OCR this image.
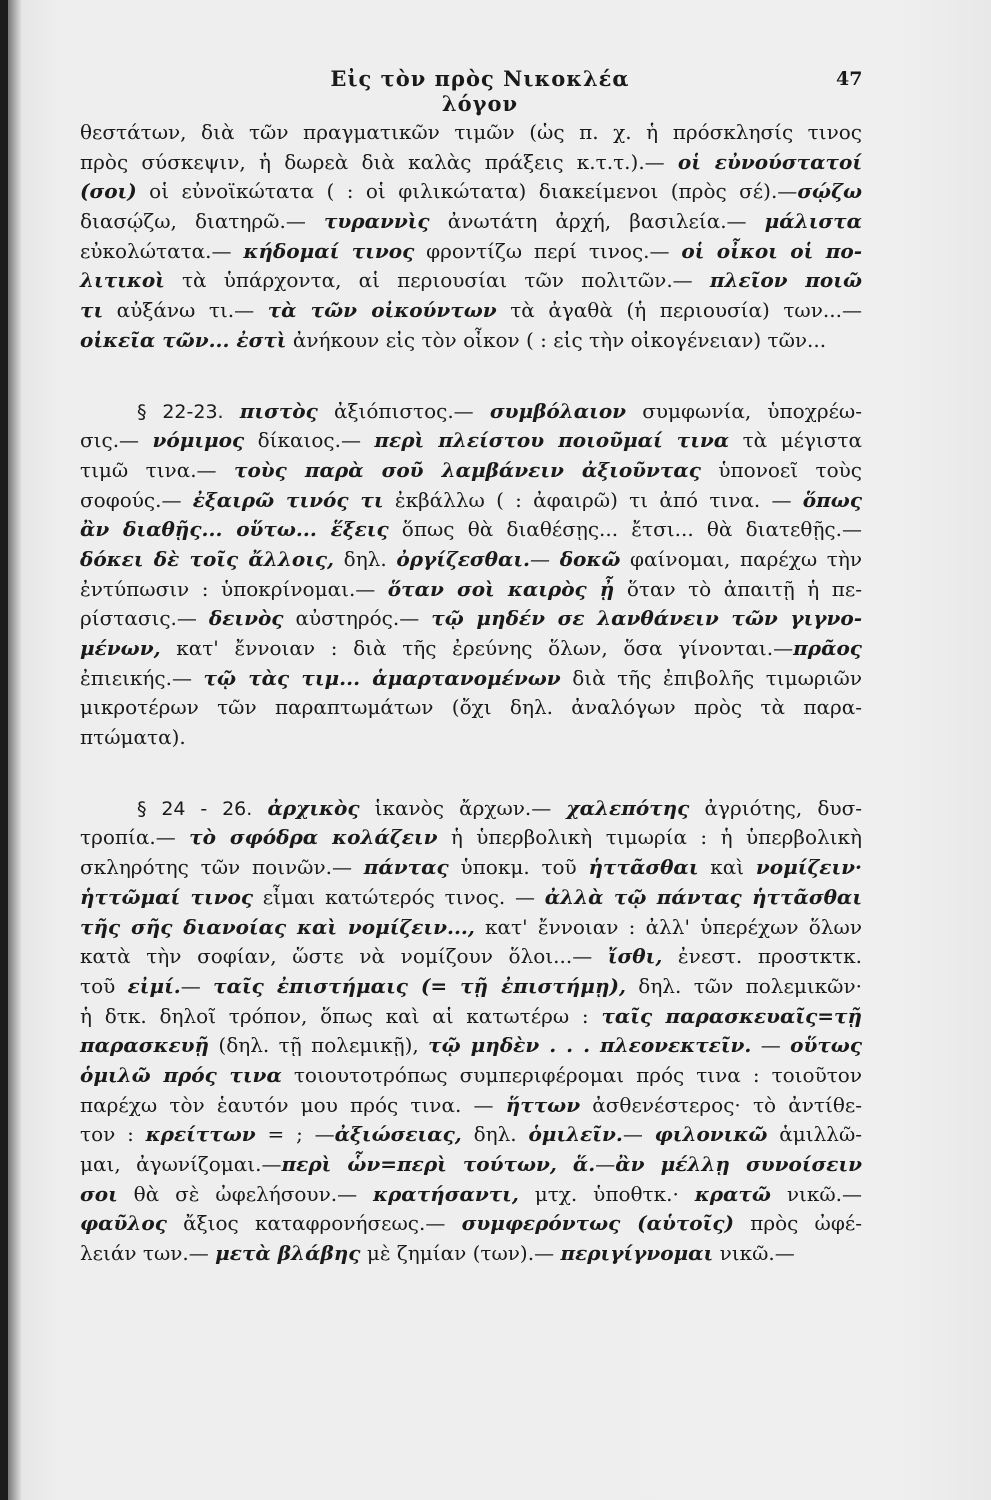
Εἰς τὸν πρὸς Νικοκλέα λόγον
47
θεστάτων, διὰ τῶν πραγματικῶν τιμῶν (ὡς π. χ. ἡ πρόσκλησίς τινος
πρὸς σύσκεψιν, ἡ δωρεὰ διὰ καλὰς πράξεις κ.τ.τ.).— οἱ εὐνούστατοί
(σοι) οἱ εὐνοϊκώτατα ( : οἱ φιλικώτατα) διακείμενοι (πρὸς σέ).—σῴζω
διασῴζω, διατηρῶ.— τυραννὶς ἀνωτάτη ἀρχή, βασιλεία.— μάλιστα
εὐκολώτατα.— κήδομαί τινος φροντίζω περί τινος.— οἱ οἶκοι οἱ πο-
λιτικοὶ τὰ ὑπάρχοντα, αἱ περιουσίαι τῶν πολιτῶν.— πλεῖον ποιῶ
τι αὐξάνω τι.— τὰ τῶν οἰκούντων τὰ ἀγαθὰ (ἡ περιουσία) των...—
οἰκεῖα τῶν... ἐστὶ ἀνήκουν εἰς τὸν οἶκον ( : εἰς τὴν οἰκογένειαν) τῶν...
§ 22-23. πιστὸς ἀξιόπιστος.— συμβόλαιον συμφωνία, ὑποχρέω-
σις.— νόμιμος δίκαιος.— περὶ πλείστου ποιοῦμαί τινα τὰ μέγιστα
τιμῶ τινα.— τοὺς παρὰ σοῦ λαμβάνειν ἀξιοῦντας ὑπονοεῖ τοὺς
σοφούς.— ἐξαιρῶ τινός τι ἐκβάλλω ( : ἀφαιρῶ) τι ἀπό τινα. — ὅπως
ἂν διαθῇς... οὕτω... ἕξεις ὅπως θὰ διαθέσῃς... ἔτσι... θὰ διατεθῇς.—
δόκει δὲ τοῖς ἄλλοις, δηλ. ὀργίζεσθαι.— δοκῶ φαίνομαι, παρέχω τὴν
ἐντύπωσιν : ὑποκρίνομαι.— ὅταν σοὶ καιρὸς ᾖ ὅταν τὸ ἀπαιτῇ ἡ πε-
ρίστασις.— δεινὸς αὐστηρός.— τῷ μηδέν σε λανθάνειν τῶν γιγνο-
μένων, κατ' ἔννοιαν : διὰ τῆς ἐρεύνης ὅλων, ὅσα γίνονται.—πρᾶος
ἐπιεικής.— τῷ τὰς τιμ... ἁμαρτανομένων διὰ τῆς ἐπιβολῆς τιμωριῶν
μικροτέρων τῶν παραπτωμάτων (ὄχι δηλ. ἀναλόγων πρὸς τὰ παρα-
πτώματα).
§ 24 - 26. ἀρχικὸς ἱκανὸς ἄρχων.— χαλεπότης ἀγριότης, δυσ-
τροπία.— τὸ σφόδρα κολάζειν ἡ ὑπερβολικὴ τιμωρία : ἡ ὑπερβολικὴ
σκληρότης τῶν ποινῶν.— πάντας ὑποκμ. τοῦ ἡττᾶσθαι καὶ νομίζειν·
ἡττῶμαί τινος εἶμαι κατώτερός τινος. — ἀλλὰ τῷ πάντας ἡττᾶσθαι
τῆς σῆς διανοίας καὶ νομίζειν..., κατ' ἔννοιαν : ἀλλ' ὑπερέχων ὅλων
κατὰ τὴν σοφίαν, ὥστε νὰ νομίζουν ὅλοι...— ἴσθι, ἐνεστ. προστκτκ.
τοῦ εἰμί.— ταῖς ἐπιστήμαις (= τῇ ἐπιστήμῃ), δηλ. τῶν πολεμικῶν·
ἡ δτκ. δηλοῖ τρόπον, ὅπως καὶ αἱ κατωτέρω : ταῖς παρασκευαῖς=τῇ
παρασκευῇ (δηλ. τῇ πολεμικῇ), τῷ μηδὲν . . . πλεονεκτεῖν. — οὕτως
ὁμιλῶ πρός τινα τοιουτοτρόπως συμπεριφέρομαι πρός τινα : τοιοῦτον
παρέχω τὸν ἑαυτόν μου πρός τινα. — ἥττων ἀσθενέστερος· τὸ ἀντίθε-
τον : κρείττων = ; —ἀξιώσειας, δηλ. ὁμιλεῖν.— φιλονικῶ ἁμιλλῶ-
μαι, ἀγωνίζομαι.—περὶ ὧν=περὶ τούτων, ἅ.—ἂν μέλλῃ συνοίσειν
σοι θὰ σὲ ὠφελήσουν.— κρατήσαντι, μτχ. ὑποθτκ.· κρατῶ νικῶ.—
φαῦλος ἄξιος καταφρονήσεως.— συμφερόντως (αὑτοῖς) πρὸς ὠφέ-
λειάν των.— μετὰ βλάβης μὲ ζημίαν (των).— περιγίγνομαι νικῶ.—
